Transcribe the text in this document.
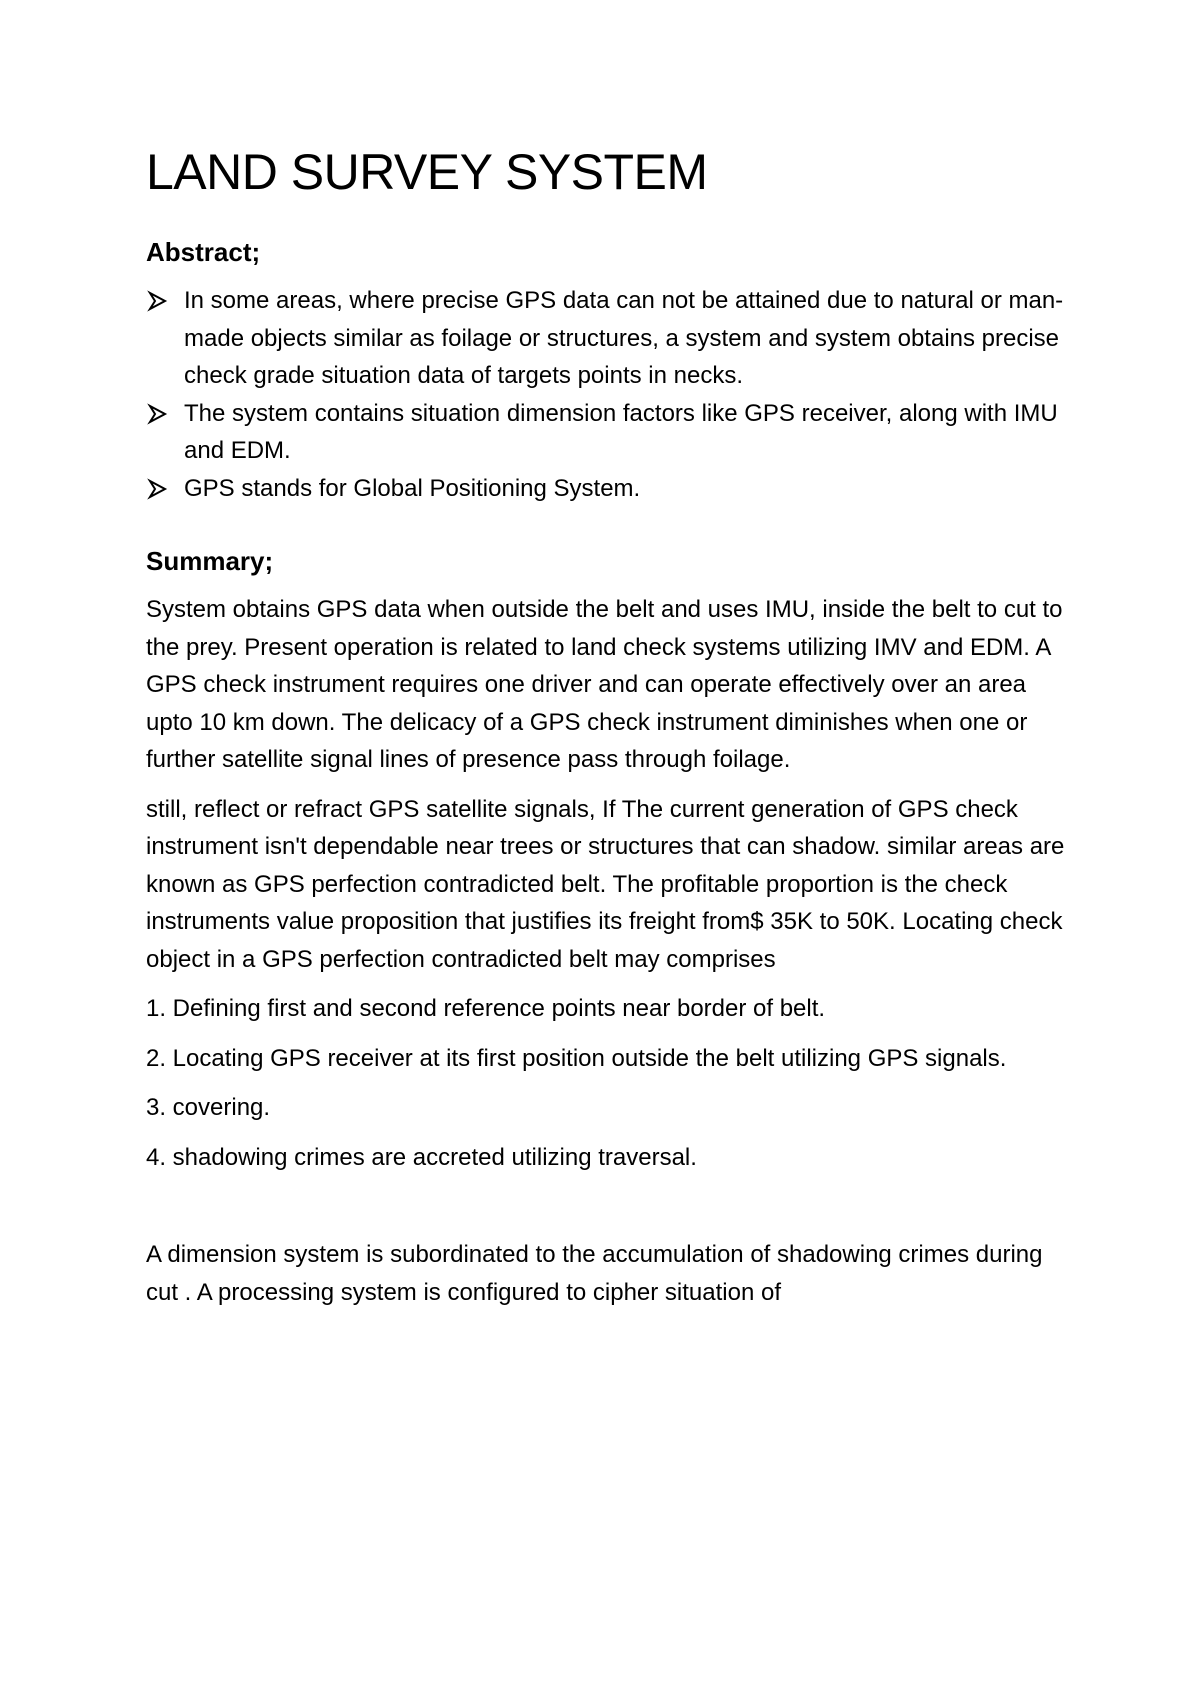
LAND SURVEY SYSTEM
Abstract;
In some areas, where precise GPS data can not be attained due to natural or man- made objects similar as foilage or structures, a system and system obtains precise check grade situation data of targets points in necks.
The system contains situation dimension factors like GPS receiver, along with IMU and EDM.
GPS stands for Global Positioning System.
Summary;

System obtains GPS data when outside the belt and uses IMU, inside the belt to cut to the prey. Present operation is related to land check systems utilizing IMV and EDM. A GPS check instrument requires one driver and can operate effectively over an area upto 10 km down. The delicacy of a GPS check instrument diminishes when one or further satellite signal lines of presence pass through foilage.

still, reflect or refract GPS satellite signals, If The current generation of GPS check instrument isn't dependable near trees or structures that can shadow. similar areas are known as GPS perfection contradicted belt. The profitable proportion is the check instruments value proposition that justifies its freight from$ 35K to 50K. Locating check object in a GPS perfection contradicted belt may comprises

1. Defining first and second reference points near border of belt.

2. Locating GPS receiver at its first position outside the belt utilizing GPS signals.

3. covering.

4. shadowing crimes are accreted utilizing traversal.

A dimension system is subordinated to the accumulation of shadowing crimes during cut . A processing system is configured to cipher situation of
